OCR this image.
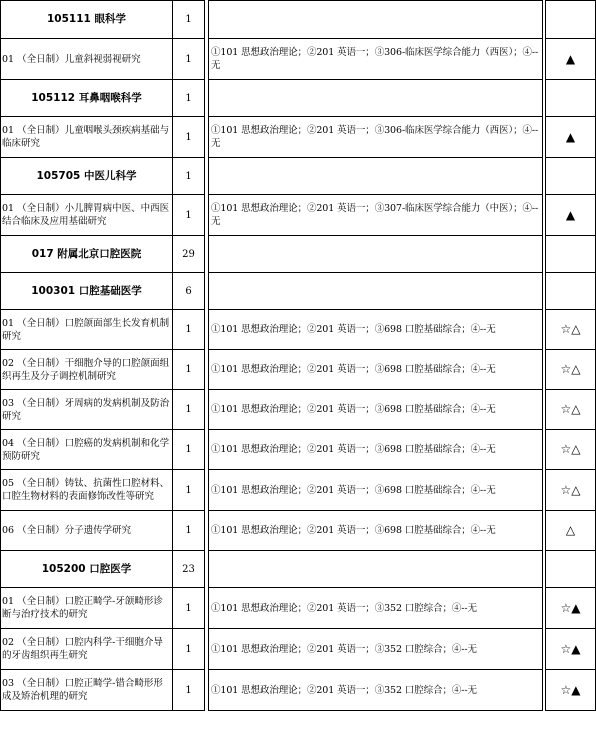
105111 眼科学	1				
01 （全日制）儿童斜视弱视研究	1		①101 思想政治理论；②201 英语一；③306-临床医学综合能力（西医）；④--无		▲
105112 耳鼻咽喉科学	1				
01 （全日制）儿童咽喉头颈疾病基础与临床研究	1		①101 思想政治理论；②201 英语一；③306-临床医学综合能力（西医）；④--无		▲
105705 中医儿科学	1				
01 （全日制）小儿脾胃病中医、中西医结合临床及应用基础研究	1		①101 思想政治理论；②201 英语一；③307-临床医学综合能力（中医）；④--无		▲
017 附属北京口腔医院	29				
100301 口腔基础医学	6				
01 （全日制）口腔颌面部生长发育机制研究	1		①101 思想政治理论；②201 英语一；③698 口腔基础综合；④--无		☆△
02 （全日制）干细胞介导的口腔颌面组织再生及分子调控机制研究	1		①101 思想政治理论；②201 英语一；③698 口腔基础综合；④--无		☆△
03 （全日制）牙周病的发病机制及防治研究	1		①101 思想政治理论；②201 英语一；③698 口腔基础综合；④--无		☆△
04 （全日制）口腔癌的发病机制和化学预防研究	1		①101 思想政治理论；②201 英语一；③698 口腔基础综合；④--无		☆△
05 （全日制）铸钛、抗菌性口腔材料、口腔生物材料的表面修饰改性等研究	1		①101 思想政治理论；②201 英语一；③698 口腔基础综合；④--无		☆△
06 （全日制）分子遗传学研究	1		①101 思想政治理论；②201 英语一；③698 口腔基础综合；④--无		△
105200 口腔医学	23				
01 （全日制）口腔正畸学-牙颌畸形诊断与治疗技术的研究	1		①101 思想政治理论；②201 英语一；③352 口腔综合；④--无		☆▲
02 （全日制）口腔内科学-干细胞介导的牙齿组织再生研究	1		①101 思想政治理论；②201 英语一；③352 口腔综合；④--无		☆▲
03 （全日制）口腔正畸学-错合畸形形成及矫治机理的研究	1		①101 思想政治理论；②201 英语一；③352 口腔综合；④--无		☆▲
